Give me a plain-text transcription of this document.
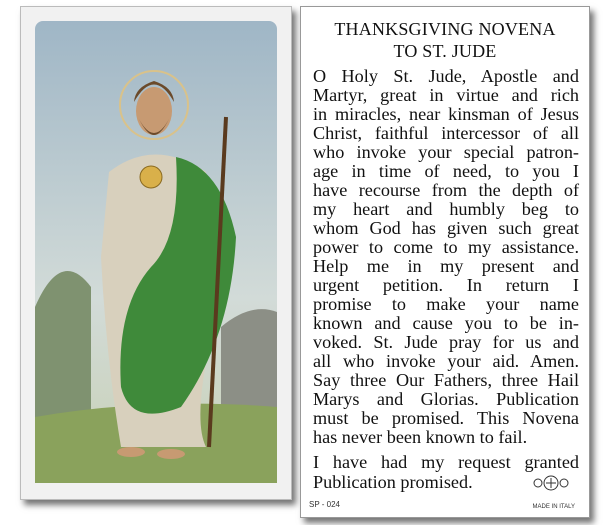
THANKSGIVING NOVENA
TO ST. JUDE
O Holy St. Jude, Apostle and
Martyr, great in virtue and rich
in miracles, near kinsman of Jesus
Christ, faithful intercessor of all
who invoke your special patron-
age in time of need, to you I
have recourse from the depth of
my heart and humbly beg to
whom God has given such great
power to come to my assistance.
Help me in my present and
urgent petition. In return I
promise to make your name
known and cause you to be in-
voked. St. Jude pray for us and
all who invoke your aid. Amen.
Say three Our Fathers, three Hail
Marys and Glorias. Publication
must be promised. This Novena
has never been known to fail.
I have had my request granted
Publication promised.
SP - 024	MADE IN ITALY
